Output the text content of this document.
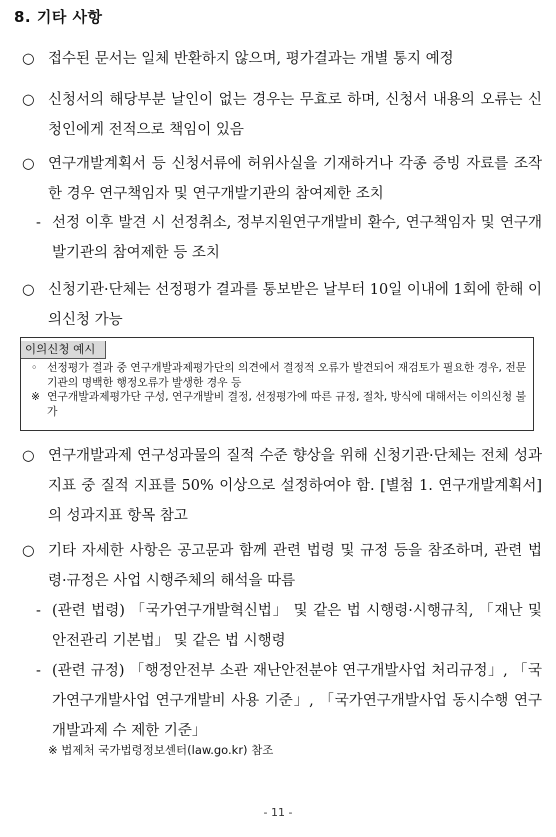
8. 기타 사항
○ 접수된 문서는 일체 반환하지 않으며, 평가결과는 개별 통지 예정
○ 신청서의 해당부분 날인이 없는 경우는 무효로 하며, 신청서 내용의 오류는 신청인에게 전적으로 책임이 있음
○ 연구개발계획서 등 신청서류에 허위사실을 기재하거나 각종 증빙 자료를 조작한 경우 연구책임자 및 연구개발기관의 참여제한 조치
- 선정 이후 발견 시 선정취소, 정부지원연구개발비 환수, 연구책임자 및 연구개발기관의 참여제한 등 조치
○ 신청기관·단체는 선정평가 결과를 통보받은 날부터 10일 이내에 1회에 한해 이의신청 가능
이의신청 예시
◦ 선정평가 결과 중 연구개발과제평가단의 의견에서 결정적 오류가 발견되어 재검토가 필요한 경우, 전문기관의 명백한 행정오류가 발생한 경우 등
※ 연구개발과제평가단 구성, 연구개발비 결정, 선정평가에 따른 규정, 절차, 방식에 대해서는 이의신청 불가
○ 연구개발과제 연구성과물의 질적 수준 향상을 위해 신청기관·단체는 전체 성과지표 중 질적 지표를 50% 이상으로 설정하여야 함. [별첨 1. 연구개발계획서]의 성과지표 항목 참고
○ 기타 자세한 사항은 공고문과 함께 관련 법령 및 규정 등을 참조하며, 관련 법령·규정은 사업 시행주체의 해석을 따름
- (관련 법령) 「국가연구개발혁신법」 및 같은 법 시행령·시행규칙, 「재난 및 안전관리 기본법」 및 같은 법 시행령
- (관련 규정) 「행정안전부 소관 재난안전분야 연구개발사업 처리규정」, 「국가연구개발사업 연구개발비 사용 기준」, 「국가연구개발사업 동시수행 연구개발과제 수 제한 기준」
※ 법제처 국가법령정보센터(law.go.kr) 참조
- 11 -
